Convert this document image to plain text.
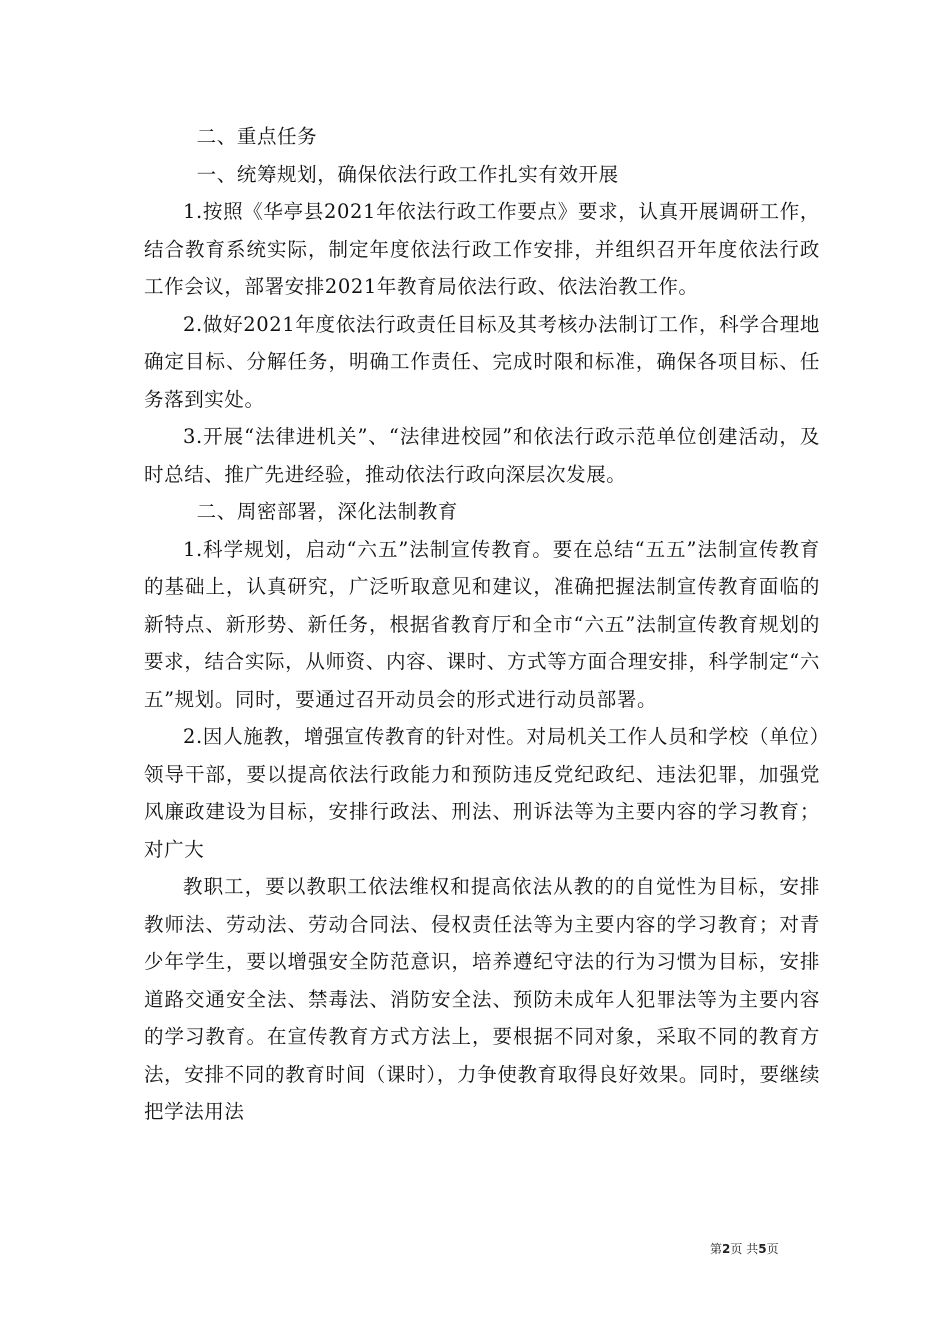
二、重点任务

一、统筹规划，确保依法行政工作扎实有效开展

1.按照《华亭县2021年依法行政工作要点》要求，认真开展调研工作，结合教育系统实际，制定年度依法行政工作安排，并组织召开年度依法行政工作会议，部署安排2021年教育局依法行政、依法治教工作。

2.做好2021年度依法行政责任目标及其考核办法制订工作，科学合理地确定目标、分解任务，明确工作责任、完成时限和标准，确保各项目标、任务落到实处。

3.开展“法律进机关”、“法律进校园”和依法行政示范单位创建活动，及时总结、推广先进经验，推动依法行政向深层次发展。

二、周密部署，深化法制教育

1.科学规划，启动“六五”法制宣传教育。要在总结“五五”法制宣传教育的基础上，认真研究，广泛听取意见和建议，准确把握法制宣传教育面临的新特点、新形势、新任务，根据省教育厅和全市“六五”法制宣传教育规划的要求，结合实际，从师资、内容、课时、方式等方面合理安排，科学制定“六五”规划。同时，要通过召开动员会的形式进行动员部署。

2.因人施教，增强宣传教育的针对性。对局机关工作人员和学校（单位）领导干部，要以提高依法行政能力和预防违反党纪政纪、违法犯罪，加强党风廉政建设为目标，安排行政法、刑法、刑诉法等为主要内容的学习教育；对广大

教职工，要以教职工依法维权和提高依法从教的的自觉性为目标，安排教师法、劳动法、劳动合同法、侵权责任法等为主要内容的学习教育；对青少年学生，要以增强安全防范意识，培养遵纪守法的行为习惯为目标，安排道路交通安全法、禁毒法、消防安全法、预防未成年人犯罪法等为主要内容的学习教育。在宣传教育方式方法上，要根据不同对象，采取不同的教育方法，安排不同的教育时间（课时），力争使教育取得良好效果。同时，要继续把学法用法

第2页 共5页
